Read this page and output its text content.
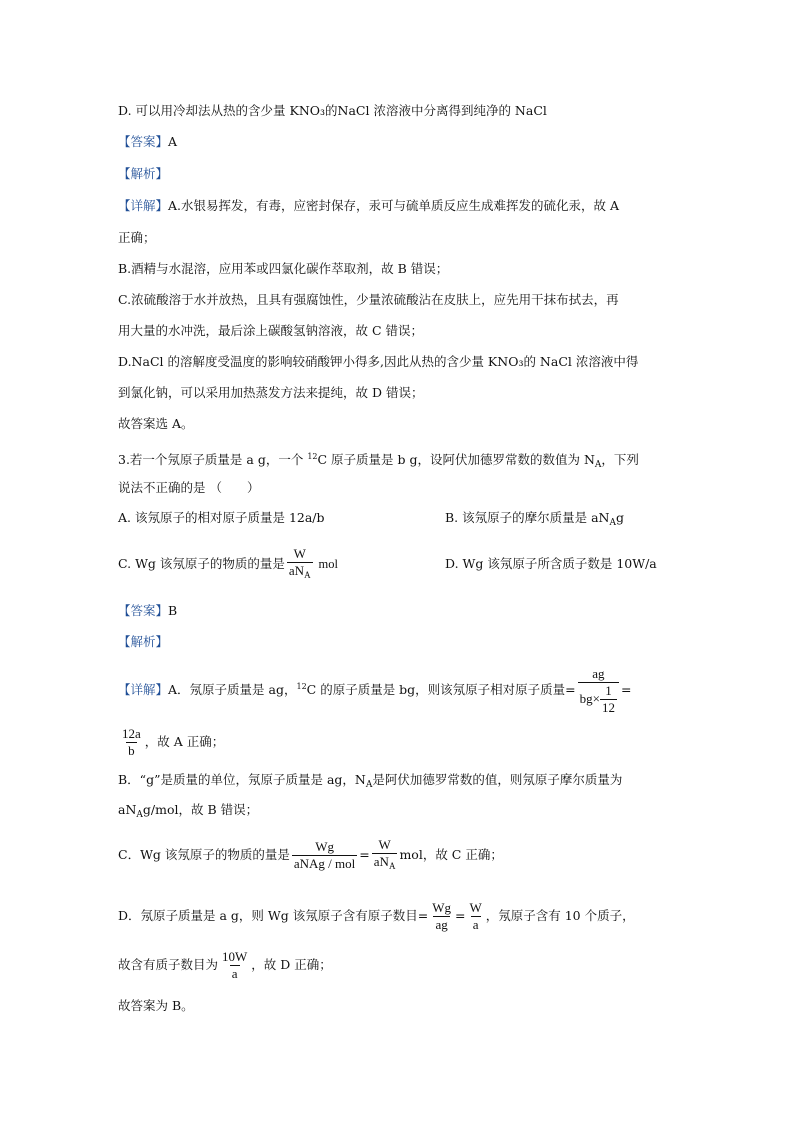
D. 可以用冷却法从热的含少量 KNO₃的NaCl 浓溶液中分离得到纯净的 NaCl
【答案】A
【解析】
【详解】A.水银易挥发，有毒，应密封保存，汞可与硫单质反应生成难挥发的硫化汞，故 A
正确；
B.酒精与水混溶，应用苯或四氯化碳作萃取剂，故 B 错误；
C.浓硫酸溶于水并放热，且具有强腐蚀性，少量浓硫酸沾在皮肤上，应先用干抹布拭去，再
用大量的水冲洗，最后涂上碳酸氢钠溶液，故 C 错误；
D.NaCl 的溶解度受温度的影响较硝酸钾小得多,因此从热的含少量 KNO₃的 NaCl 浓溶液中得
到氯化钠，可以采用加热蒸发方法来提纯，故 D 错误；
故答案选 A。
3.若一个氖原子质量是 a g，一个 $^{12}$C 原子质量是 b g，设阿伏加德罗常数的数值为 $N_A$，下列
说法不正确的是 （　　）
A. 该氖原子的相对原子质量是 12a/b	B. 该氖原子的摩尔质量是 $aN_Ag$
C. Wg 该氖原子的物质的量是 $\frac{W}{aN_A}$ mol	D. Wg 该氖原子所含质子数是 10W/a
【答案】B
【解析】
【详解】A．氖原子质量是 ag，$^{12}$C 的原子质量是 bg，则该氖原子相对原子质量= $\frac{ag}{bg\times \frac{1}{12}}$ =
$\frac{12a}{b}$ ，故 A 正确；
B．“g”是质量的单位，氖原子质量是 ag，$N_A$是阿伏加德罗常数的值，则氖原子摩尔质量为
$aN_Ag$/mol，故 B 错误；
C．Wg 该氖原子的物质的量是 $\frac{Wg}{\text{aNAg / mol}} = \frac{W}{aN_A}$ mol，故 C 正确；
D．氖原子质量是 a g，则 Wg 该氖原子含有原子数目= $\frac{Wg}{ag} = \frac{W}{a}$ ，氖原子含有 10 个质子，
故含有质子数目为 $\frac{10W}{a}$ ，故 D 正确；
故答案为 B。
